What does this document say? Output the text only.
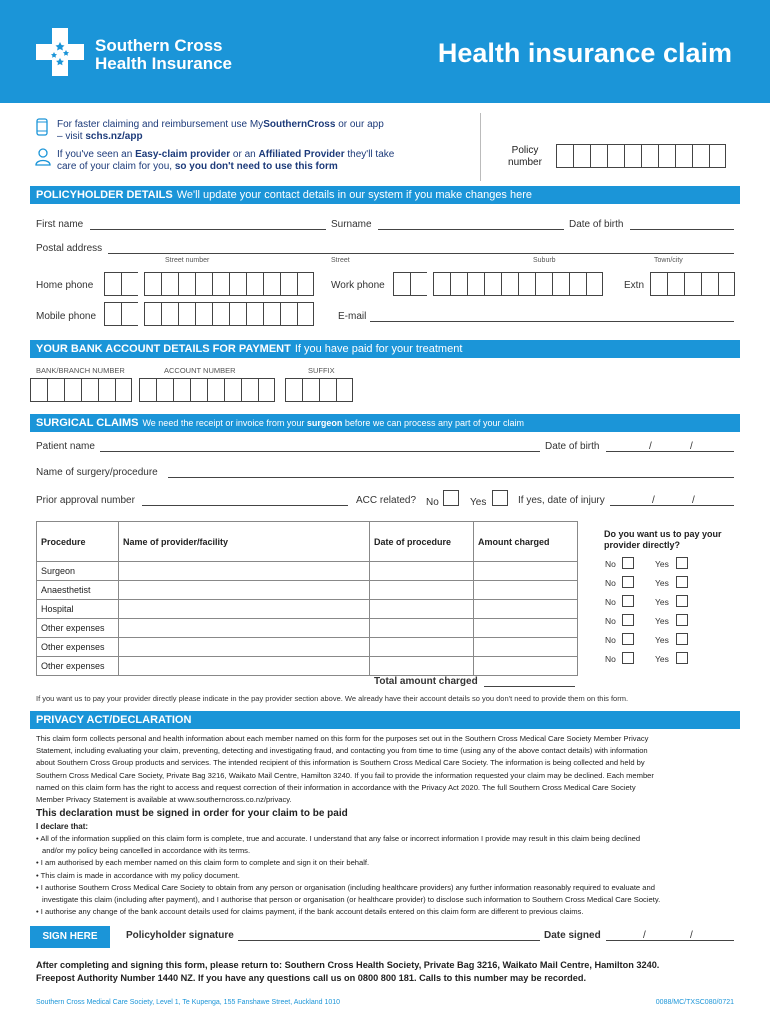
Southern Cross
Health Insurance	Health insurance claim
For faster claiming and reimbursement use MySouthernCross or our app
– visit schs.nz/app
If you've seen an Easy-claim provider or an Affiliated Provider they'll take
care of your claim for you, so you don't need to use this form
Policy
number
POLICYHOLDER DETAILS We'll update your contact details in our system if you make changes here
First name	Surname	Date of birth
Postal address
Street number	Street	Suburb	Town/city
Home phone	Work phone	Extn
Mobile phone	E-mail
YOUR BANK ACCOUNT DETAILS FOR PAYMENT If you have paid for your treatment
BANK/BRANCH NUMBER	ACCOUNT NUMBER	SUFFIX
SURGICAL CLAIMS We need the receipt or invoice from your surgeon before we can process any part of your claim
Patient name	Date of birth	/	/
Name of surgery/procedure
Prior approval number	ACC related? No	Yes	If yes, date of injury	/	/
Procedure	Name of provider/facility	Date of procedure	Amount charged
Surgeon			
Anaesthetist			
Hospital			
Other expenses			
Other expenses			
Other expenses			
Do you want us to pay your
provider directly?
No	Yes
No	Yes
No	Yes
No	Yes
No	Yes
No	Yes
Total amount charged
If you want us to pay your provider directly please indicate in the pay provider section above. We already have their account details so you don't need to provide them on this form.
PRIVACY ACT/DECLARATION
This claim form collects personal and health information about each member named on this form for the purposes set out in the Southern Cross Medical Care Society Member Privacy
Statement, including evaluating your claim, preventing, detecting and investigating fraud, and contacting you from time to time (using any of the above contact details) with information
about Southern Cross Group products and services. The intended recipient of this information is Southern Cross Medical Care Society. The information is being collected and held by
Southern Cross Medical Care Society, Private Bag 3216, Waikato Mail Centre, Hamilton 3240. If you fail to provide the information requested your claim may be declined. Each member
named on this claim form has the right to access and request correction of their information in accordance with the Privacy Act 2020. The full Southern Cross Medical Care Society
Member Privacy Statement is available at www.southerncross.co.nz/privacy.
This declaration must be signed in order for your claim to be paid
I declare that:
• All of the information supplied on this claim form is complete, true and accurate. I understand that any false or incorrect information I provide may result in this claim being declined
and/or my policy being cancelled in accordance with its terms.
• I am authorised by each member named on this claim form to complete and sign it on their behalf.
• This claim is made in accordance with my policy document.
• I authorise Southern Cross Medical Care Society to obtain from any person or organisation (including healthcare providers) any further information reasonably required to evaluate and
investigate this claim (including after payment), and I authorise that person or organisation (or healthcare provider) to disclose such information to Southern Cross Medical Care Society.
• I authorise any change of the bank account details used for claims payment, if the bank account details entered on this claim form are different to previous claims.
SIGN HERE	Policyholder signature	Date signed	/	/
After completing and signing this form, please return to: Southern Cross Health Society, Private Bag 3216, Waikato Mail Centre, Hamilton 3240.
Freepost Authority Number 1440 NZ. If you have any questions call us on 0800 800 181. Calls to this number may be recorded.
Southern Cross Medical Care Society, Level 1, Te Kupenga, 155 Fanshawe Street, Auckland 1010	0088/MC/TXSC080/0721
